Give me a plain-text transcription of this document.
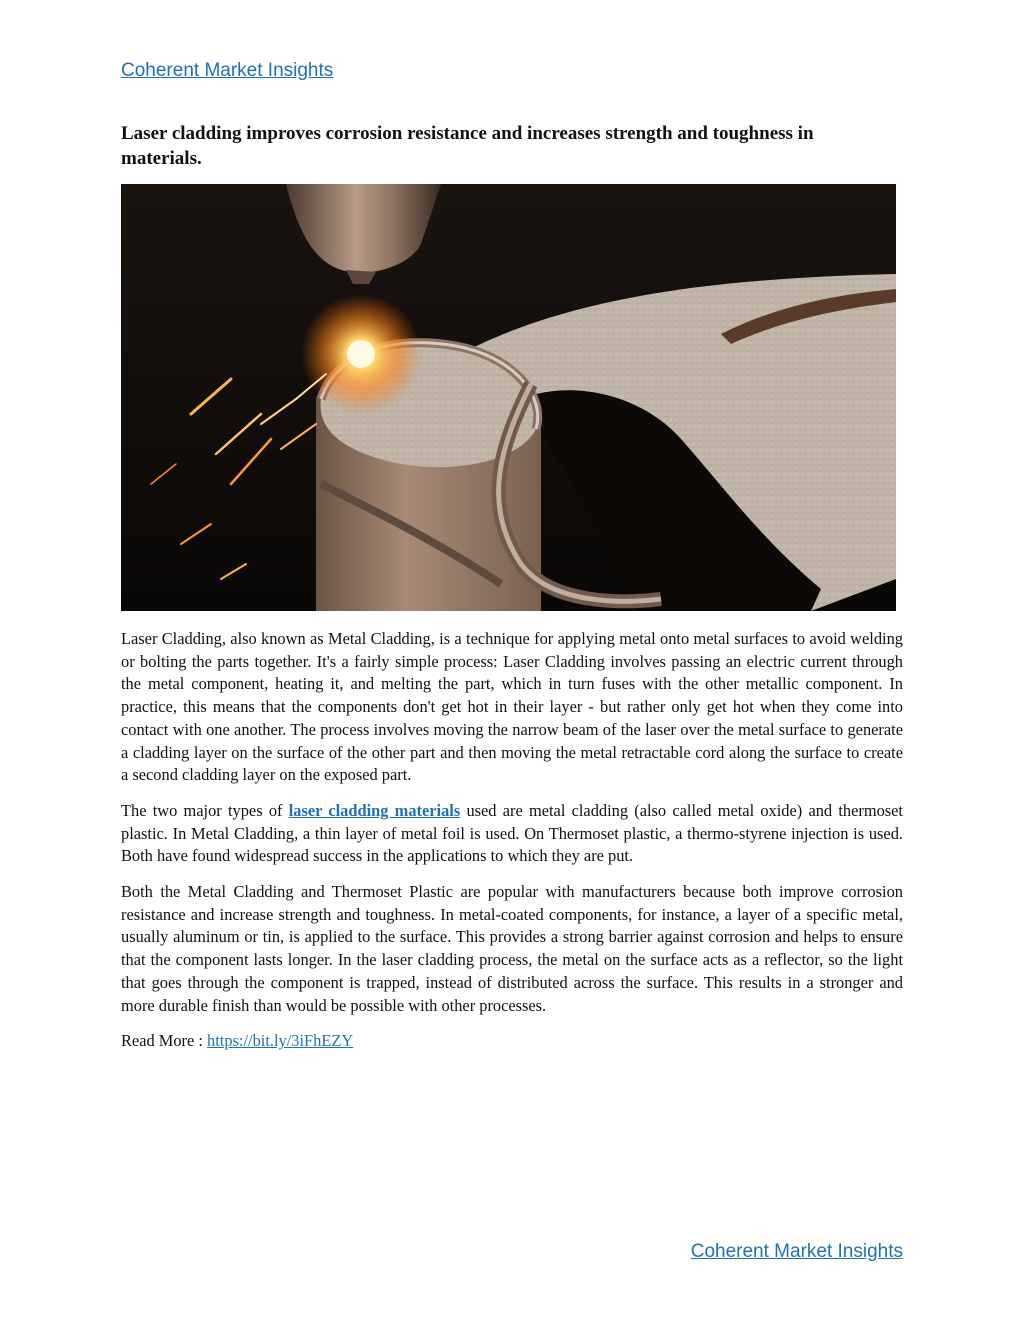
Coherent Market Insights
Laser cladding improves corrosion resistance and increases strength and toughness in materials.

Laser Cladding, also known as Metal Cladding, is a technique for applying metal onto metal surfaces to avoid welding or bolting the parts together. It's a fairly simple process: Laser Cladding involves passing an electric current through the metal component, heating it, and melting the part, which in turn fuses with the other metallic component. In practice, this means that the components don't get hot in their layer - but rather only get hot when they come into contact with one another. The process involves moving the narrow beam of the laser over the metal surface to generate a cladding layer on the surface of the other part and then moving the metal retractable cord along the surface to create a second cladding layer on the exposed part.

The two major types of laser cladding materials used are metal cladding (also called metal oxide) and thermoset plastic. In Metal Cladding, a thin layer of metal foil is used. On Thermoset plastic, a thermo-styrene injection is used. Both have found widespread success in the applications to which they are put.

Both the Metal Cladding and Thermoset Plastic are popular with manufacturers because both improve corrosion resistance and increase strength and toughness. In metal-coated components, for instance, a layer of a specific metal, usually aluminum or tin, is applied to the surface. This provides a strong barrier against corrosion and helps to ensure that the component lasts longer. In the laser cladding process, the metal on the surface acts as a reflector, so the light that goes through the component is trapped, instead of distributed across the surface. This results in a stronger and more durable finish than would be possible with other processes.

Read More : https://bit.ly/3iFhEZY

Coherent Market Insights
